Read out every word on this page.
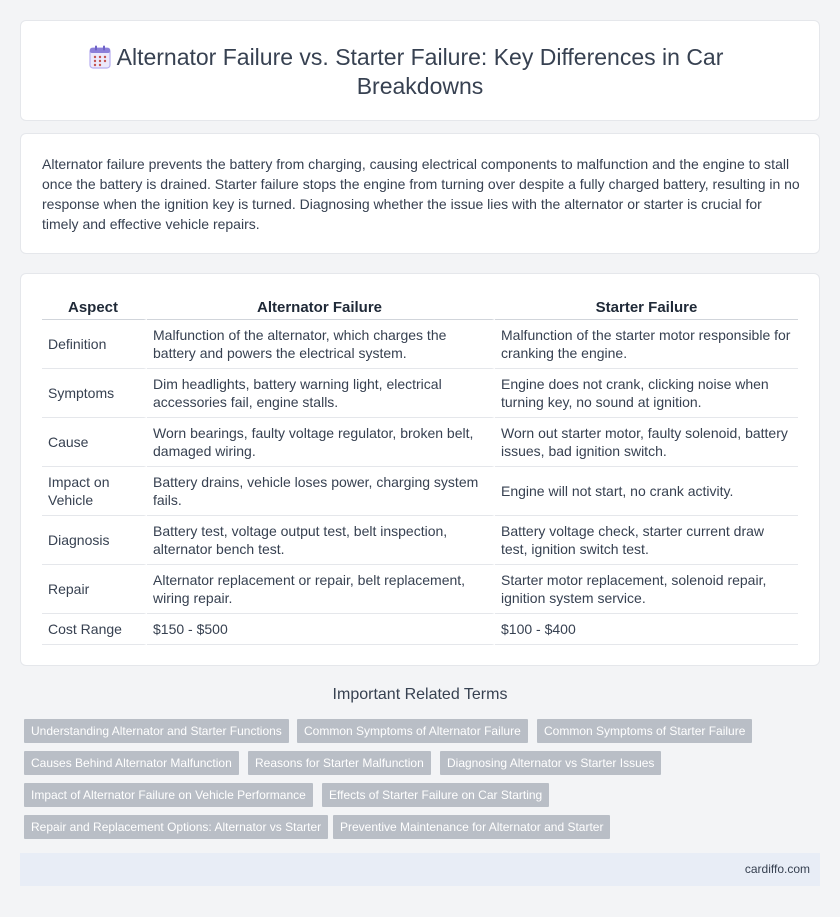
Alternator Failure vs. Starter Failure: Key Differences in Car Breakdowns

Alternator failure prevents the battery from charging, causing electrical components to malfunction and the engine to stall once the battery is drained. Starter failure stops the engine from turning over despite a fully charged battery, resulting in no response when the ignition key is turned. Diagnosing whether the issue lies with the alternator or starter is crucial for timely and effective vehicle repairs.

Aspect	Alternator Failure	Starter Failure
Definition	Malfunction of the alternator, which charges the battery and powers the electrical system.	Malfunction of the starter motor responsible for cranking the engine.
Symptoms	Dim headlights, battery warning light, electrical accessories fail, engine stalls.	Engine does not crank, clicking noise when turning key, no sound at ignition.
Cause	Worn bearings, faulty voltage regulator, broken belt, damaged wiring.	Worn out starter motor, faulty solenoid, battery issues, bad ignition switch.
Impact on Vehicle	Battery drains, vehicle loses power, charging system fails.	Engine will not start, no crank activity.
Diagnosis	Battery test, voltage output test, belt inspection, alternator bench test.	Battery voltage check, starter current draw test, ignition switch test.
Repair	Alternator replacement or repair, belt replacement, wiring repair.	Starter motor replacement, solenoid repair, ignition system service.
Cost Range	$150 - $500	$100 - $400
Important Related Terms
Understanding Alternator and Starter Functions	Common Symptoms of Alternator Failure	Common Symptoms of Starter Failure
Causes Behind Alternator Malfunction	Reasons for Starter Malfunction	Diagnosing Alternator vs Starter Issues
Impact of Alternator Failure on Vehicle Performance	Effects of Starter Failure on Car Starting
Repair and Replacement Options: Alternator vs Starter	Preventive Maintenance for Alternator and Starter
cardiffo.com
